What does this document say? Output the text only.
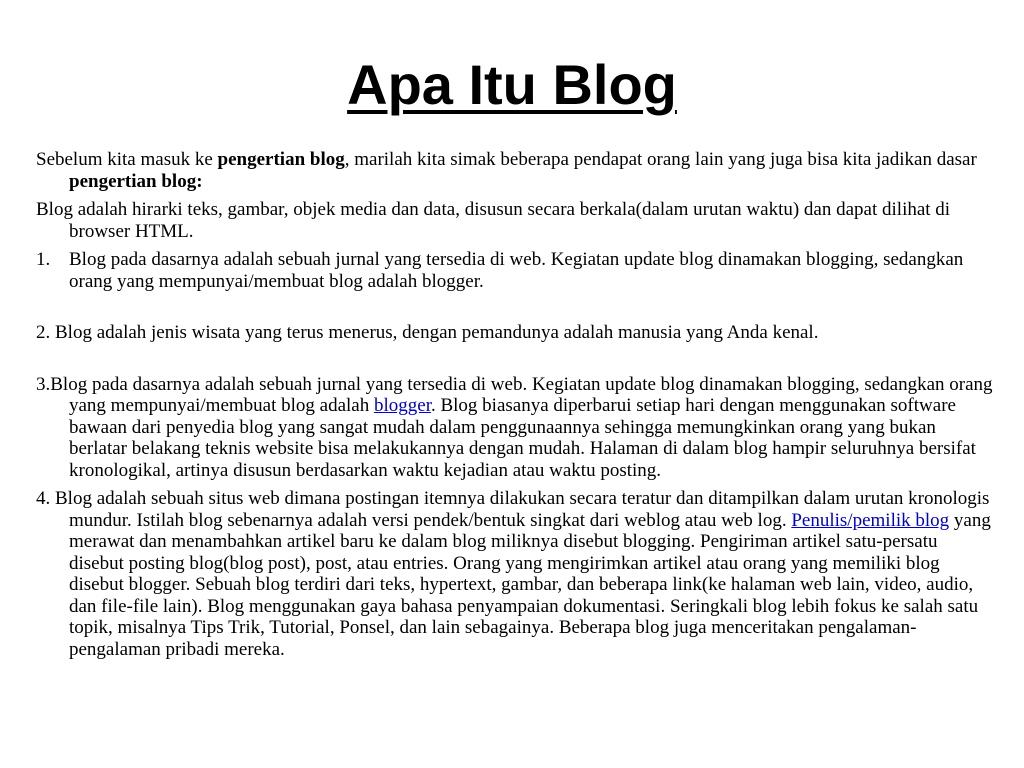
Apa Itu Blog

Sebelum kita masuk ke pengertian blog, marilah kita simak beberapa pendapat orang lain yang juga bisa kita jadikan dasar pengertian blog:

Blog adalah hirarki teks, gambar, objek media dan data, disusun secara berkala(dalam urutan waktu) dan dapat dilihat di browser HTML.

1. Blog pada dasarnya adalah sebuah jurnal yang tersedia di web. Kegiatan update blog dinamakan blogging, sedangkan orang yang mempunyai/membuat blog adalah blogger.

2. Blog adalah jenis wisata yang terus menerus, dengan pemandunya adalah manusia yang Anda kenal.

3.Blog pada dasarnya adalah sebuah jurnal yang tersedia di web. Kegiatan update blog dinamakan blogging, sedangkan orang yang mempunyai/membuat blog adalah blogger. Blog biasanya diperbarui setiap hari dengan menggunakan software bawaan dari penyedia blog yang sangat mudah dalam penggunaannya sehingga memungkinkan orang yang bukan berlatar belakang teknis website bisa melakukannya dengan mudah. Halaman di dalam blog hampir seluruhnya bersifat kronologikal, artinya disusun berdasarkan waktu kejadian atau waktu posting.

4. Blog adalah sebuah situs web dimana postingan itemnya dilakukan secara teratur dan ditampilkan dalam urutan kronologis mundur. Istilah blog sebenarnya adalah versi pendek/bentuk singkat dari weblog atau web log. Penulis/pemilik blog yang merawat dan menambahkan artikel baru ke dalam blog miliknya disebut blogging. Pengiriman artikel satu-persatu disebut posting blog(blog post), post, atau entries. Orang yang mengirimkan artikel atau orang yang memiliki blog disebut blogger. Sebuah blog terdiri dari teks, hypertext, gambar, dan beberapa link(ke halaman web lain, video, audio, dan file-file lain). Blog menggunakan gaya bahasa penyampaian dokumentasi. Seringkali blog lebih fokus ke salah satu topik, misalnya Tips Trik, Tutorial, Ponsel, dan lain sebagainya. Beberapa blog juga menceritakan pengalaman-pengalaman pribadi mereka.
